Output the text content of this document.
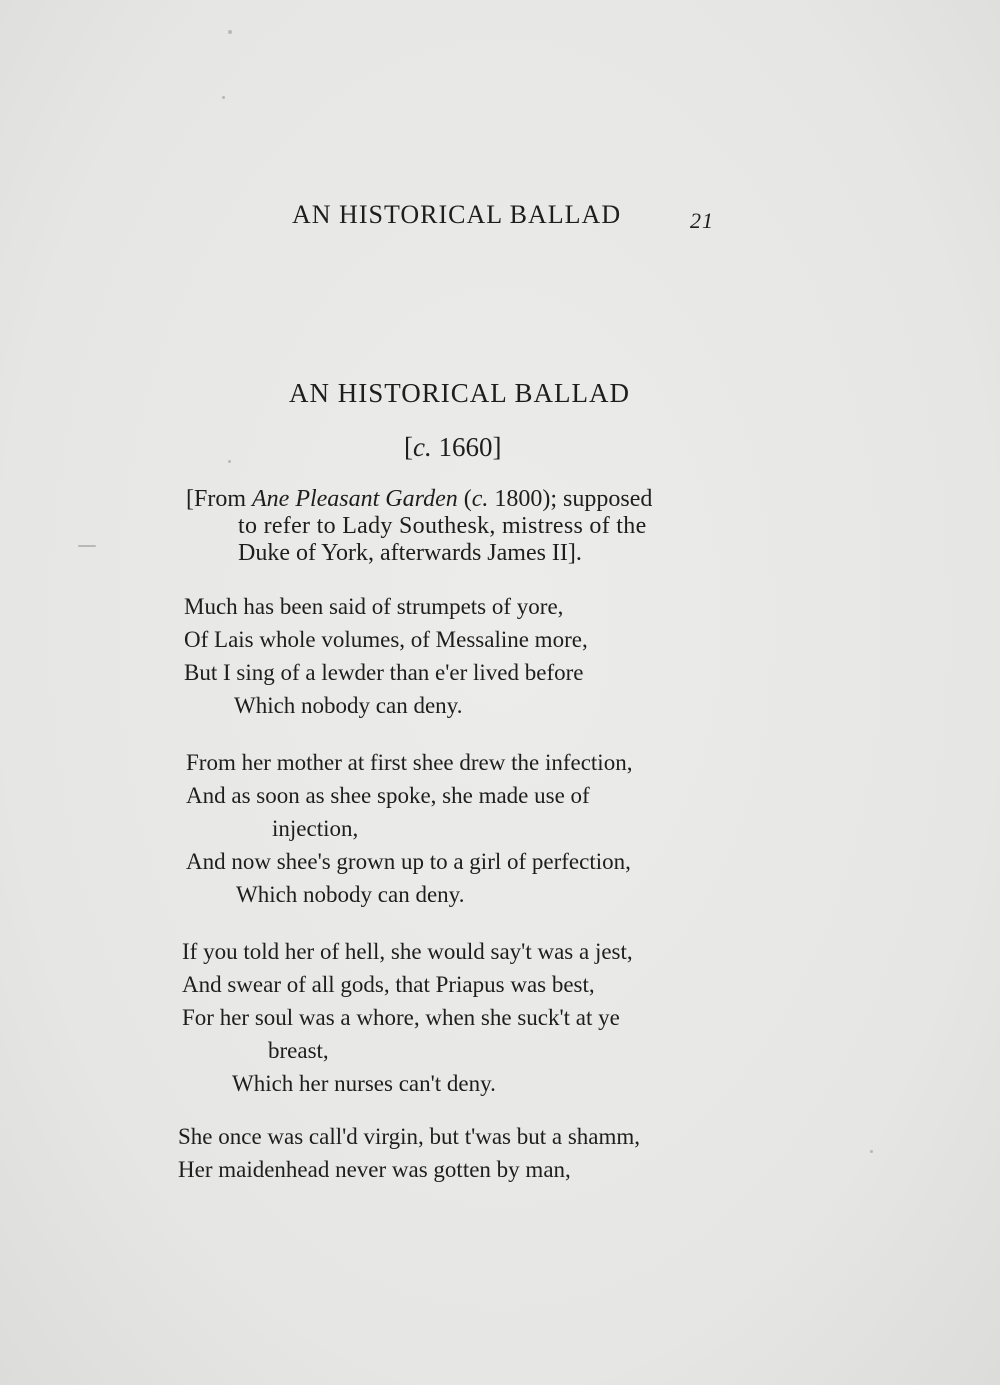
AN HISTORICAL BALLAD	21
AN HISTORICAL BALLAD
[c. 1660]
[From Ane Pleasant Garden (c. 1800); supposed
to refer to Lady Southesk, mistress of the
Duke of York, afterwards James II].
Much has been said of strumpets of yore,
Of Lais whole volumes, of Messaline more,
But I sing of a lewder than e'er lived before
Which nobody can deny.
From her mother at first shee drew the infection,
And as soon as shee spoke, she made use of
injection,
And now shee's grown up to a girl of perfection,
Which nobody can deny.
If you told her of hell, she would say't was a jest,
And swear of all gods, that Priapus was best,
For her soul was a whore, when she suck't at ye
breast,
Which her nurses can't deny.
She once was call'd virgin, but t'was but a shamm,
Her maidenhead never was gotten by man,
